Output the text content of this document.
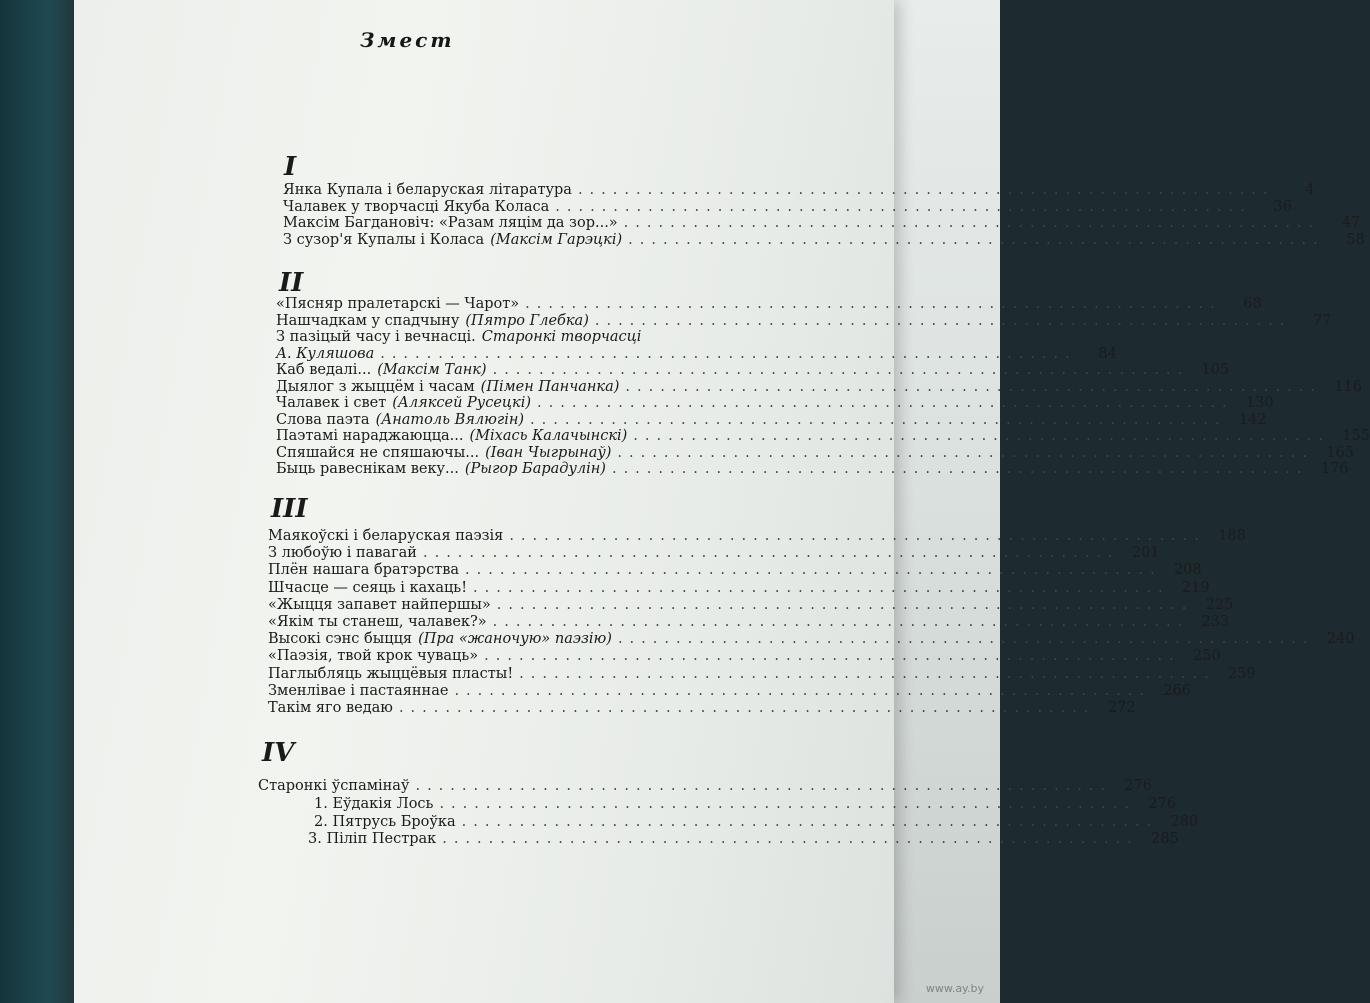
Змест
I
Янка Купала і беларуская літаратура ............................................................	4
Чалавек у творчасці Якуба Коласа ............................................................	36
Максім Багдановіч: «Разам ляцім да зор...» ............................................................	47
З сузор'я Купалы і Коласа (Максім Гарэцкі) ............................................................	58
II
«Пясняр пралетарскі — Чарот» ............................................................	68
Нашчадкам у спадчыну (Пятро Глебка) ............................................................	77
З пазіцый часу і вечнасці. Старонкі творчасці
А. Куляшова ............................................................	84
Каб ведалі... (Максім Танк) ............................................................ 105
Дыялог з жыццём і часам (Пімен Панчанка) ............................................................ 116
Чалавек і свет (Аляксей Русецкі) ............................................................ 130
Слова паэта (Анатоль Вялюгін) ............................................................ 142
Паэтамі нараджаюцца... (Міхась Калачынскі) ............................................................ 155
Спяшайся не спяшаючы... (Іван Чыгрынаў) ............................................................ 165
Быць равеснікам веку... (Рыгор Барадулін) ............................................................ 176
III
Маякоўскі і беларуская паэзія ............................................................ 188
З любоўю і павагай ............................................................ 201
Плён нашага братэрства ............................................................ 208
Шчасце — сеяць і кахаць! ............................................................ 219
«Жыцця запавет найпершы» ............................................................ 225
«Якім ты станеш, чалавек?» ............................................................ 233
Высокі сэнс быцця (Пра «жаночую» паэзію) ............................................................ 240
«Паэзія, твой крок чуваць» ............................................................ 250
Паглыбляць жыццёвыя пласты! ............................................................ 259
Зменлівае і пастаяннае ............................................................ 266
Такім яго ведаю ............................................................ 272
IV
Старонкі ўспамінаў ............................................................ 276
1. Еўдакія Лось ............................................................ 276
2. Пятрусь Броўка ............................................................ 280
3. Пiлiп Пестрак ............................................................ 285
www.ay.by
